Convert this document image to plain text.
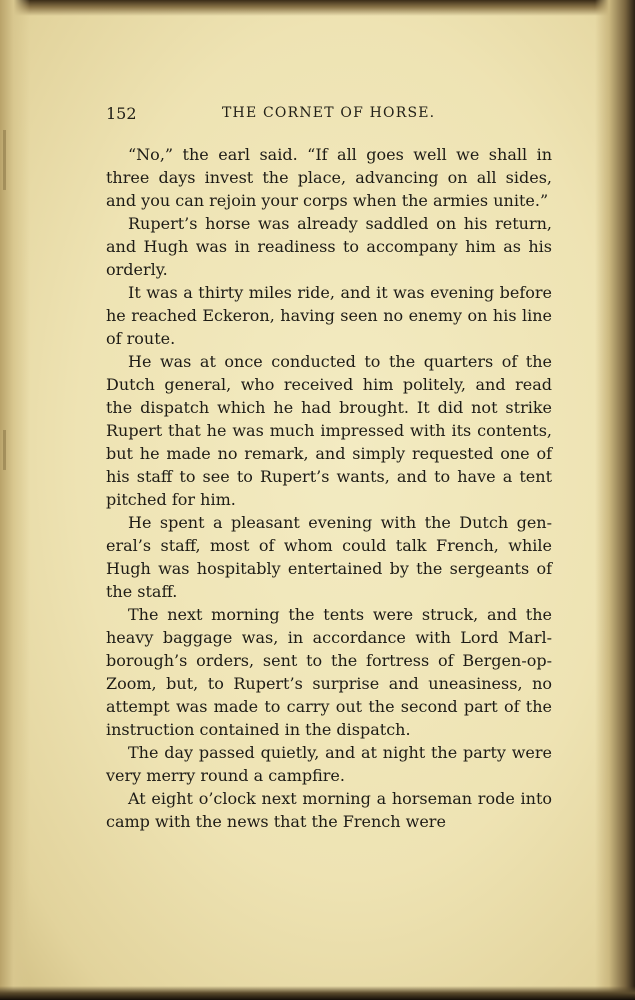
152	THE CORNET OF HORSE.

“No,” the earl said. “If all goes well we shall in three days invest the place, advancing on all sides, and you can rejoin your corps when the armies unite.”

Rupert’s horse was already saddled on his return, and Hugh was in readiness to accompany him as his orderly.

It was a thirty miles ride, and it was evening before he reached Eckeron, having seen no enemy on his line of route.

He was at once conducted to the quarters of the Dutch general, who received him politely, and read the dispatch which he had brought. It did not strike Rupert that he was much impressed with its contents, but he made no remark, and simply requested one of his staff to see to Rupert’s wants, and to have a tent pitched for him.

He spent a pleasant evening with the Dutch general’s staff, most of whom could talk French, while Hugh was hospitably entertained by the sergeants of the staff.

The next morning the tents were struck, and the heavy baggage was, in accordance with Lord Marlborough’s orders, sent to the fortress of Bergen-op-Zoom, but, to Rupert’s surprise and uneasiness, no attempt was made to carry out the second part of the instruction contained in the dispatch.

The day passed quietly, and at night the party were very merry round a campfire.

At eight o’clock next morning a horseman rode into camp with the news that the French were
